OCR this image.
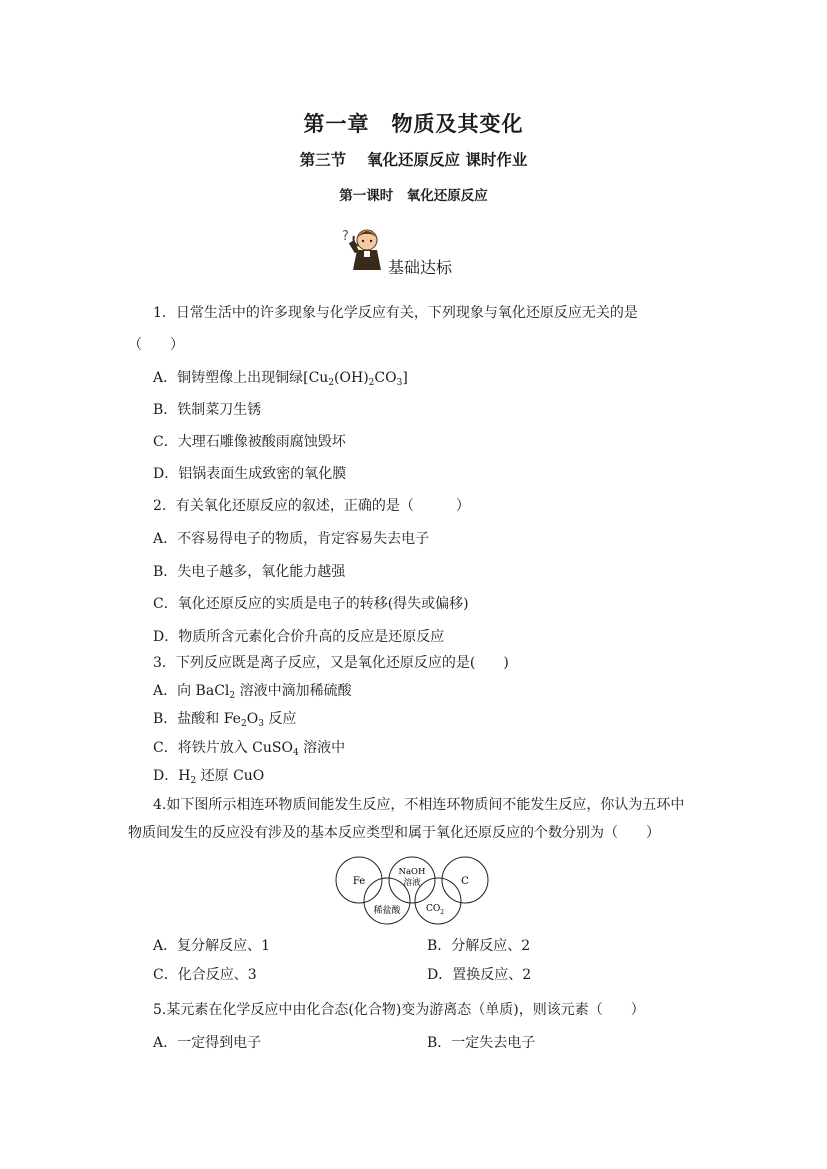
第一章　物质及其变化
第三节　 氧化还原反应 课时作业
第一课时　氧化还原反应
?
基础达标
1．日常生活中的许多现象与化学反应有关，下列现象与氧化还原反应无关的是
（　　）
A．铜铸塑像上出现铜绿$[Cu_2(OH)_2CO_3]$
B．铁制菜刀生锈
C．大理石雕像被酸雨腐蚀毁坏
D．铝锅表面生成致密的氧化膜
2．有关氧化还原反应的叙述，正确的是（　　　）
A．不容易得电子的物质，肯定容易失去电子
B．失电子越多，氧化能力越强
C．氧化还原反应的实质是电子的转移(得失或偏移)
D．物质所含元素化合价升高的反应是还原反应
3．下列反应既是离子反应，又是氧化还原反应的是(　　)
A．向 BaCl$_2$ 溶液中滴加稀硫酸
B．盐酸和 $Fe_2O_3$ 反应
C．将铁片放入 CuSO$_4$ 溶液中
D．$H_2$ 还原 CuO
4.如下图所示相连环物质间能发生反应，不相连环物质间不能发生反应，你认为五环中
物质间发生的反应没有涉及的基本反应类型和属于氧化还原反应的个数分别为（　　）
Fe
NaOH
溶液	C
稀盐酸	$CO_2$
A．复分解反应、1	B．分解反应、2
C．化合反应、3	D．置换反应、2
5.某元素在化学反应中由化合态(化合物)变为游离态（单质)，则该元素（　　）
A．一定得到电子	B．一定失去电子
